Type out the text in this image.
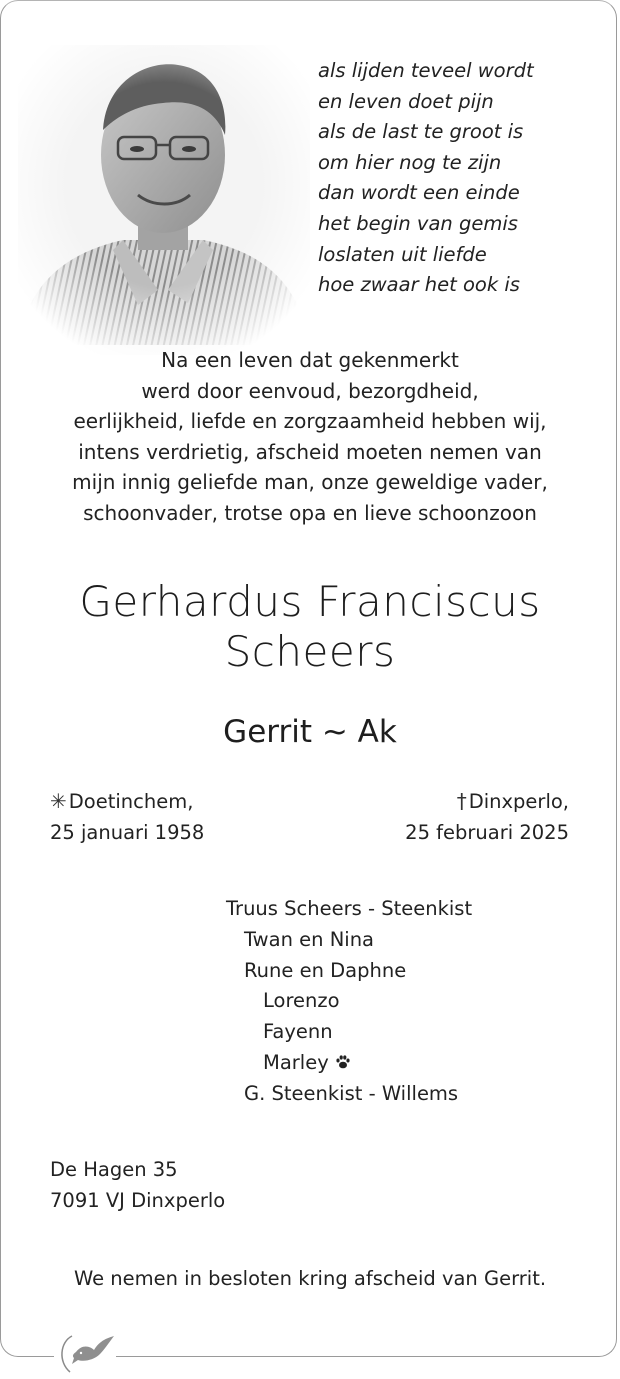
als lijden teveel wordt
en leven doet pijn
als de last te groot is
om hier nog te zijn
dan wordt een einde
het begin van gemis
loslaten uit liefde
hoe zwaar het ook is
Na een leven dat gekenmerkt
werd door eenvoud, bezorgdheid,
eerlijkheid, liefde en zorgzaamheid hebben wij,
intens verdrietig, afscheid moeten nemen van
mijn innig geliefde man, onze geweldige vader,
schoonvader, trotse opa en lieve schoonzoon
Gerhardus Franciscus
Scheers
Gerrit ~ Ak
✳ Doetinchem,
25 januari 1958
† Dinxperlo,
25 februari 2025
Truus Scheers - Steenkist
Twan en Nina
Rune en Daphne
Lorenzo
Fayenn
Marley
G. Steenkist - Willems
De Hagen 35
7091 VJ Dinxperlo
We nemen in besloten kring afscheid van Gerrit.
